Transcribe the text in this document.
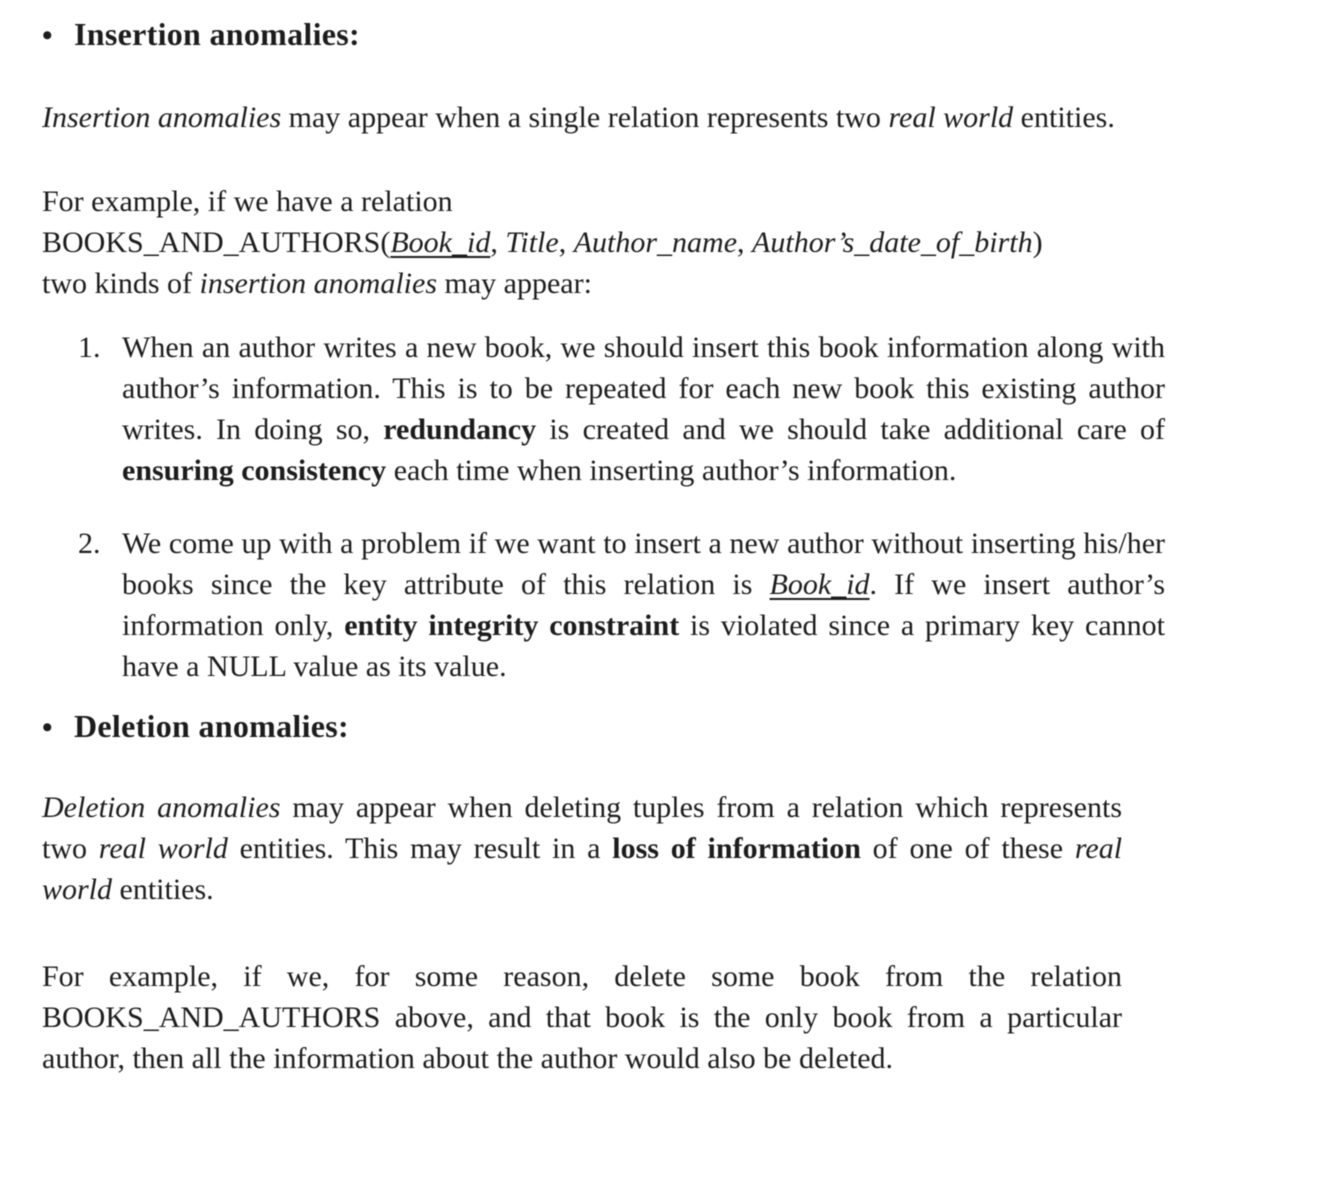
• Insertion anomalies:
Insertion anomalies may appear when a single relation represents two real world entities.
For example, if we have a relation
BOOKS_AND_AUTHORS(Book_id, Title, Author_name, Author’s_date_of_birth)
two kinds of insertion anomalies may appear:
1. When an author writes a new book, we should insert this book information along with author’s information. This is to be repeated for each new book this existing author writes. In doing so, redundancy is created and we should take additional care of ensuring consistency each time when inserting author’s information.
2. We come up with a problem if we want to insert a new author without inserting his/her books since the key attribute of this relation is Book_id. If we insert author’s information only, entity integrity constraint is violated since a primary key cannot have a NULL value as its value.
• Deletion anomalies:
Deletion anomalies may appear when deleting tuples from a relation which represents two real world entities. This may result in a loss of information of one of these real world entities.
For example, if we, for some reason, delete some book from the relation BOOKS_AND_AUTHORS above, and that book is the only book from a particular author, then all the information about the author would also be deleted.
